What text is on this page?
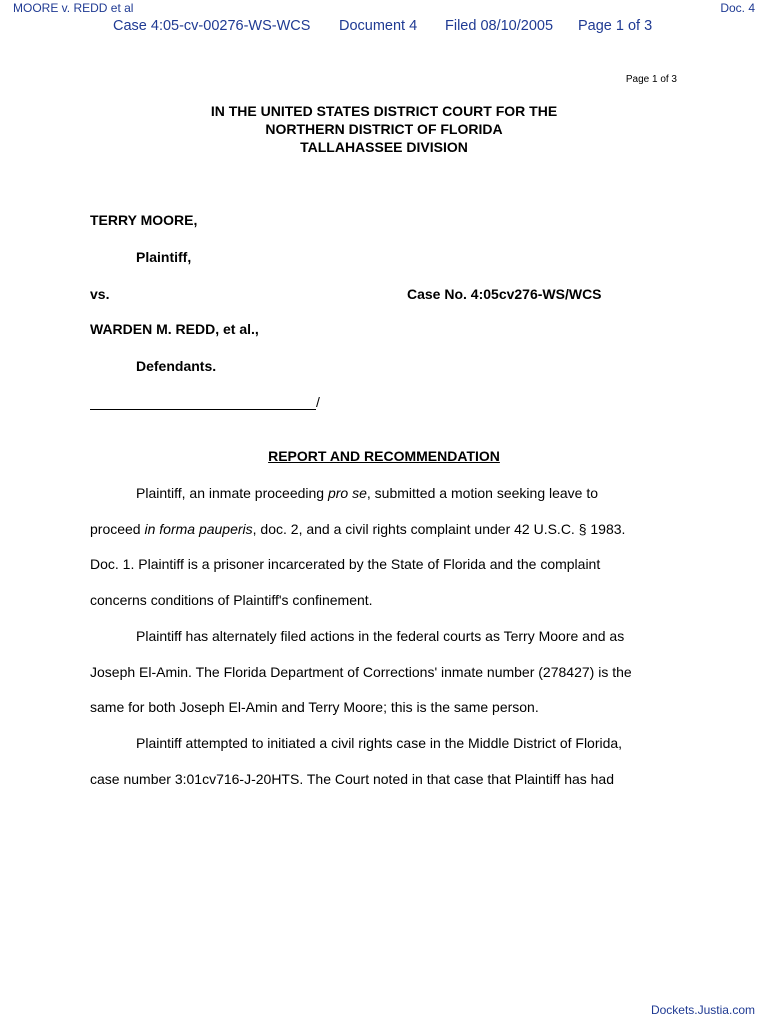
MOORE v. REDD et al	Doc. 4
Case 4:05-cv-00276-WS-WCS Document 4 Filed 08/10/2005 Page 1 of 3
Page 1 of 3
IN THE UNITED STATES DISTRICT COURT FOR THE
NORTHERN DISTRICT OF FLORIDA
TALLAHASSEE DIVISION
TERRY MOORE,
Plaintiff,
vs.	Case No. 4:05cv276-WS/WCS
WARDEN M. REDD, et al.,
Defendants.
/
REPORT AND RECOMMENDATION
Plaintiff, an inmate proceeding pro se, submitted a motion seeking leave to
proceed in forma pauperis, doc. 2, and a civil rights complaint under 42 U.S.C. § 1983.
Doc. 1. Plaintiff is a prisoner incarcerated by the State of Florida and the complaint
concerns conditions of Plaintiff's confinement.
Plaintiff has alternately filed actions in the federal courts as Terry Moore and as
Joseph El-Amin. The Florida Department of Corrections' inmate number (278427) is the
same for both Joseph El-Amin and Terry Moore; this is the same person.
Plaintiff attempted to initiated a civil rights case in the Middle District of Florida,
case number 3:01cv716-J-20HTS. The Court noted in that case that Plaintiff has had
Dockets.Justia.com
